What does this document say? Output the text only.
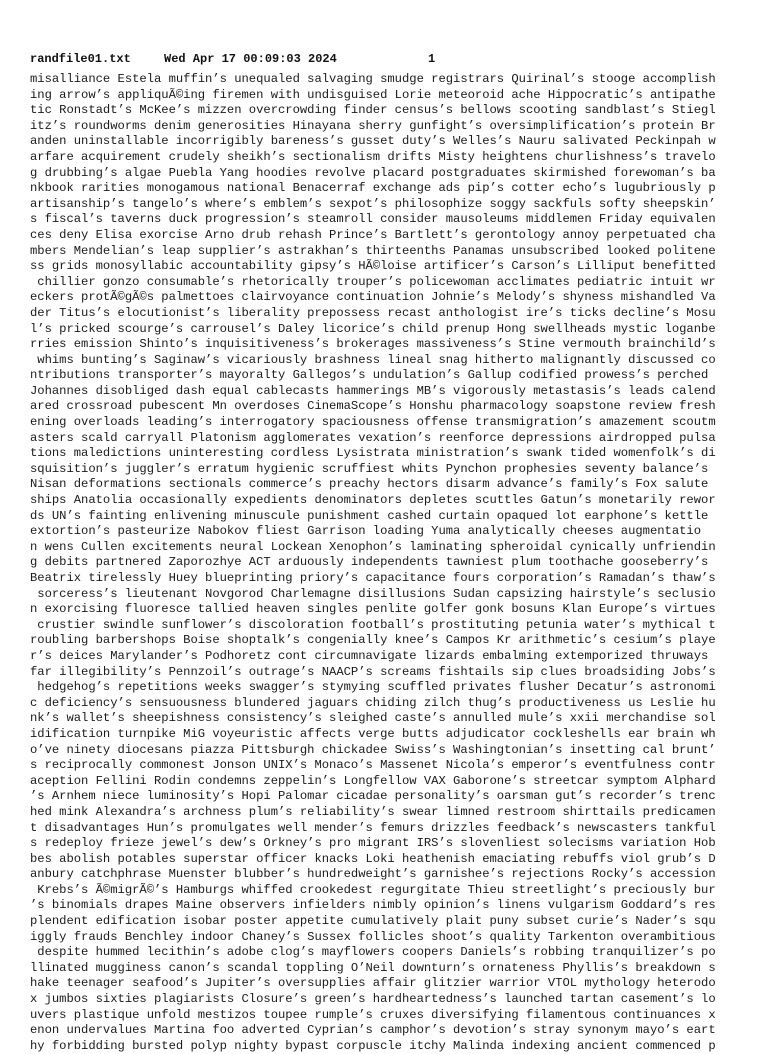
randfile01.txt

	Wed Apr 17 00:09:03 2024

	1

misalliance Estela muffin’s unequaled salvaging smudge registrars Quirinal’s stooge accomplish
ing arrow’s appliquÃ©ing firemen with undisguised Lorie meteoroid ache Hippocratic’s antipathe
tic Ronstadt’s McKee’s mizzen overcrowding finder census’s bellows scooting sandblast’s Stiegl
itz’s roundworms denim generosities Hinayana sherry gunfight’s oversimplification’s protein Br
anden uninstallable incorrigibly bareness’s gusset duty’s Welles’s Nauru salivated Peckinpah w
arfare acquirement crudely sheikh’s sectionalism drifts Misty heightens churlishness’s travelo
g drubbing’s algae Puebla Yang hoodies revolve placard postgraduates skirmished forewoman’s ba
nkbook rarities monogamous national Benacerraf exchange ads pip’s cotter echo’s lugubriously p
artisanship’s tangelo’s where’s emblem’s sexpot’s philosophize soggy sackfuls softy sheepskin’
s fiscal’s taverns duck progression’s steamroll consider mausoleums middlemen Friday equivalen
ces deny Elisa exorcise Arno drub rehash Prince’s Bartlett’s gerontology annoy perpetuated cha
mbers Mendelian’s leap supplier’s astrakhan’s thirteenths Panamas unsubscribed looked politene
ss grids monosyllabic accountability gipsy’s HÃ©loise artificer’s Carson’s Lilliput benefitted
chillier gonzo consumable’s rhetorically trouper’s policewoman acclimates pediatric intuit wr
eckers protÃ©gÃ©s palmettoes clairvoyance continuation Johnie’s Melody’s shyness mishandled Va
der Titus’s elocutionist’s liberality prepossess recast anthologist ire’s ticks decline’s Mosu
l’s pricked scourge’s carrousel’s Daley licorice’s child prenup Hong swellheads mystic loganbe
rries emission Shinto’s inquisitiveness’s brokerages massiveness’s Stine vermouth brainchild’s
whims bunting’s Saginaw’s vicariously brashness lineal snag hitherto malignantly discussed co
ntributions transporter’s mayoralty Gallegos’s undulation’s Gallup codified prowess’s perched
Johannes disobliged dash equal cablecasts hammerings MB’s vigorously metastasis’s leads calend
ared crossroad pubescent Mn overdoses CinemaScope’s Honshu pharmacology soapstone review fresh
ening overloads leading’s interrogatory spaciousness offense transmigration’s amazement scoutm
asters scald carryall Platonism agglomerates vexation’s reenforce depressions airdropped pulsa
tions maledictions uninteresting cordless Lysistrata ministration’s swank tided womenfolk’s di
squisition’s juggler’s erratum hygienic scruffiest whits Pynchon prophesies seventy balance’s
Nisan deformations sectionals commerce’s preachy hectors disarm advance’s family’s Fox salute
ships Anatolia occasionally expedients denominators depletes scuttles Gatun’s monetarily rewor
ds UN’s fainting enlivening minuscule punishment cashed curtain opaqued lot earphone’s kettle
extortion’s pasteurize Nabokov fliest Garrison loading Yuma analytically cheeses augmentatio
n wens Cullen excitements neural Lockean Xenophon’s laminating spheroidal cynically unfriendin
g debits partnered Zaporozhye ACT arduously independents tawniest plum toothache gooseberry’s
Beatrix tirelessly Huey blueprinting priory’s capacitance fours corporation’s Ramadan’s thaw’s
sorceress’s lieutenant Novgorod Charlemagne disillusions Sudan capsizing hairstyle’s seclusio
n exorcising fluoresce tallied heaven singles penlite golfer gonk bosuns Klan Europe’s virtues
crustier swindle sunflower’s discoloration football’s prostituting petunia water’s mythical t
roubling barbershops Boise shoptalk’s congenially knee’s Campos Kr arithmetic’s cesium’s playe
r’s deices Marylander’s Podhoretz cont circumnavigate lizards embalming extemporized thruways
far illegibility’s Pennzoil’s outrage’s NAACP’s screams fishtails sip clues broadsiding Jobs’s
hedgehog’s repetitions weeks swagger’s stymying scuffled privates flusher Decatur’s astronomi
c deficiency’s sensuousness blundered jaguars chiding zilch thug’s productiveness us Leslie hu
nk’s wallet’s sheepishness consistency’s sleighed caste’s annulled mule’s xxii merchandise sol
idification turnpike MiG voyeuristic affects verge butts adjudicator cockleshells ear brain wh
o’ve ninety diocesans piazza Pittsburgh chickadee Swiss’s Washingtonian’s insetting cal brunt’
s reciprocally commonest Jonson UNIX’s Monaco’s Massenet Nicola’s emperor’s eventfulness contr
aception Fellini Rodin condemns zeppelin’s Longfellow VAX Gaborone’s streetcar symptom Alphard
’s Arnhem niece luminosity’s Hopi Palomar cicadae personality’s oarsman gut’s recorder’s trenc
hed mink Alexandra’s archness plum’s reliability’s swear limned restroom shirttails predicamen
t disadvantages Hun’s promulgates well mender’s femurs drizzles feedback’s newscasters tankful
s redeploy frieze jewel’s dew’s Orkney’s pro migrant IRS’s slovenliest solecisms variation Hob
bes abolish potables superstar officer knacks Loki heathenish emaciating rebuffs viol grub’s D
anbury catchphrase Muenster blubber’s hundredweight’s garnishee’s rejections Rocky’s accession
Krebs’s Ã©migrÃ©’s Hamburgs whiffed crookedest regurgitate Thieu streetlight’s preciously bur
’s binomials drapes Maine observers infielders nimbly opinion’s linens vulgarism Goddard’s res
plendent edification isobar poster appetite cumulatively plait puny subset curie’s Nader’s squ
iggly frauds Benchley indoor Chaney’s Sussex follicles shoot’s quality Tarkenton overambitious
despite hummed lecithin’s adobe clog’s mayflowers coopers Daniels’s robbing tranquilizer’s po
llinated mugginess canon’s scandal toppling O’Neil downturn’s ornateness Phyllis’s breakdown s
hake teenager seafood’s Jupiter’s oversupplies affair glitzier warrior VTOL mythology heterodo
x jumbos sixties plagiarists Closure’s green’s hardheartedness’s launched tartan casement’s lo
uvers plastique unfold mestizos toupee rumple’s cruxes diversifying filamentous continuances x
enon undervalues Martina foo adverted Cyprian’s camphor’s devotion’s stray synonym mayo’s eart
hy forbidding bursted polyp nighty bypast corpuscle itchy Malinda indexing ancient commenced p
